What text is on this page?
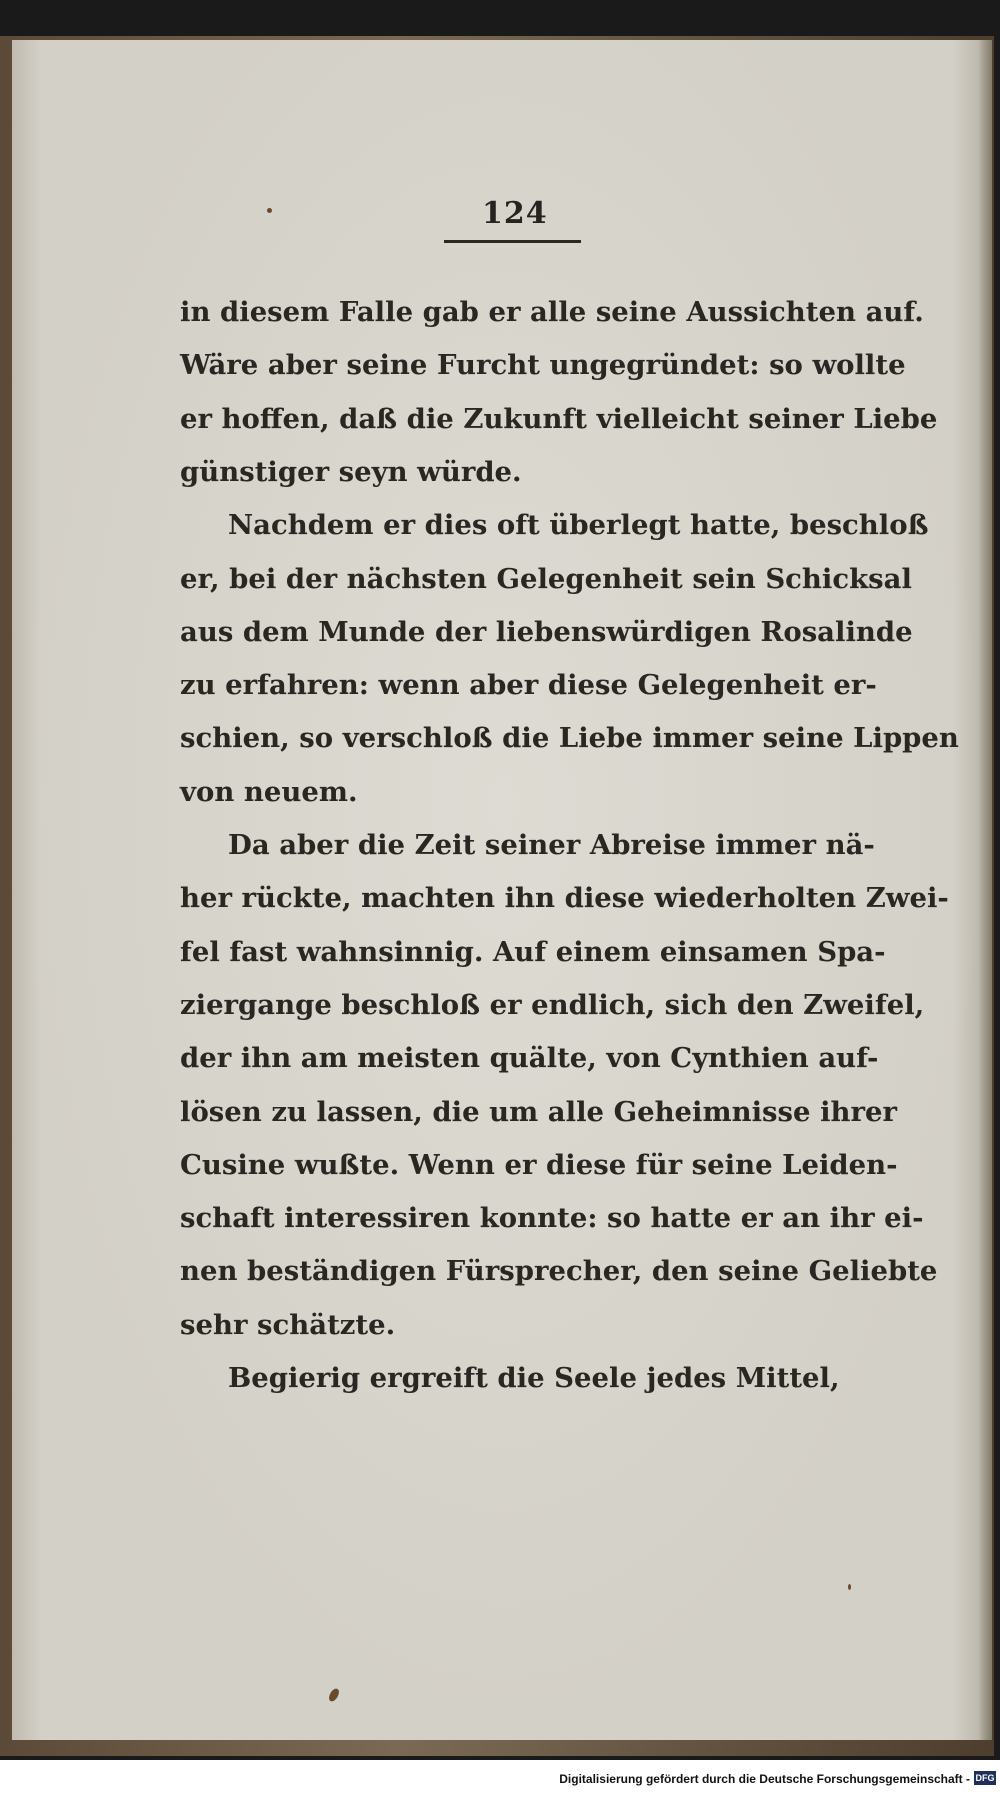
124
in diesem Falle gab er alle seine Aussichten auf.
Wäre aber seine Furcht ungegründet: so wollte
er hoffen, daß die Zukunft vielleicht seiner Liebe
günstiger seyn würde.
Nachdem er dies oft überlegt hatte, beschloß
er, bei der nächsten Gelegenheit sein Schicksal
aus dem Munde der liebenswürdigen Rosalinde
zu erfahren: wenn aber diese Gelegenheit er-
schien, so verschloß die Liebe immer seine Lippen
von neuem.
Da aber die Zeit seiner Abreise immer nä-
her rückte, machten ihn diese wiederholten Zwei-
fel fast wahnsinnig. Auf einem einsamen Spa-
ziergange beschloß er endlich, sich den Zweifel,
der ihn am meisten quälte, von Cynthien auf-
lösen zu lassen, die um alle Geheimnisse ihrer
Cusine wußte. Wenn er diese für seine Leiden-
schaft interessiren konnte: so hatte er an ihr ei-
nen beständigen Fürsprecher, den seine Geliebte
sehr schätzte.
Begierig ergreift die Seele jedes Mittel,
Digitalisierung gefördert durch die Deutsche Forschungsgemeinschaft - DFG
